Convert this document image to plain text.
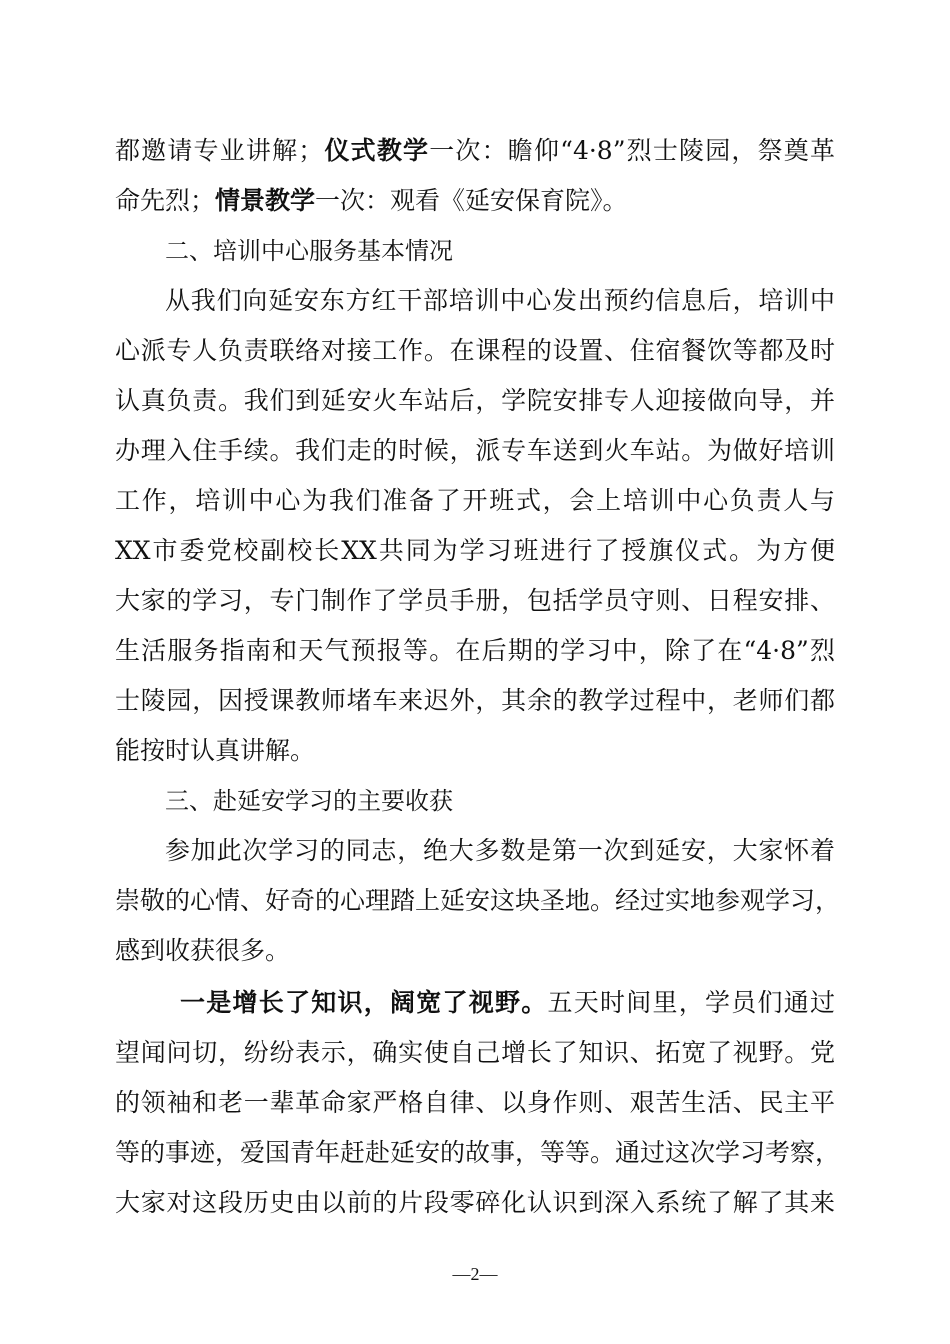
都邀请专业讲解；仪式教学一次：瞻仰“4·8”烈士陵园，祭奠革
命先烈；情景教学一次：观看《延安保育院》。
二、培训中心服务基本情况
从我们向延安东方红干部培训中心发出预约信息后，培训中
心派专人负责联络对接工作。在课程的设置、住宿餐饮等都及时
认真负责。我们到延安火车站后，学院安排专人迎接做向导，并
办理入住手续。我们走的时候，派专车送到火车站。为做好培训
工作，培训中心为我们准备了开班式，会上培训中心负责人与
XX市委党校副校长XX共同为学习班进行了授旗仪式。为方便
大家的学习，专门制作了学员手册，包括学员守则、日程安排、
生活服务指南和天气预报等。在后期的学习中，除了在“4·8”烈
士陵园，因授课教师堵车来迟外，其余的教学过程中，老师们都
能按时认真讲解。
三、赴延安学习的主要收获
参加此次学习的同志，绝大多数是第一次到延安，大家怀着
崇敬的心情、好奇的心理踏上延安这块圣地。经过实地参观学习，
感到收获很多。
一是增长了知识，阔宽了视野。五天时间里，学员们通过
望闻问切，纷纷表示，确实使自己增长了知识、拓宽了视野。党
的领袖和老一辈革命家严格自律、以身作则、艰苦生活、民主平
等的事迹，爱国青年赶赴延安的故事，等等。通过这次学习考察，
大家对这段历史由以前的片段零碎化认识到深入系统了解了其来
—2—
